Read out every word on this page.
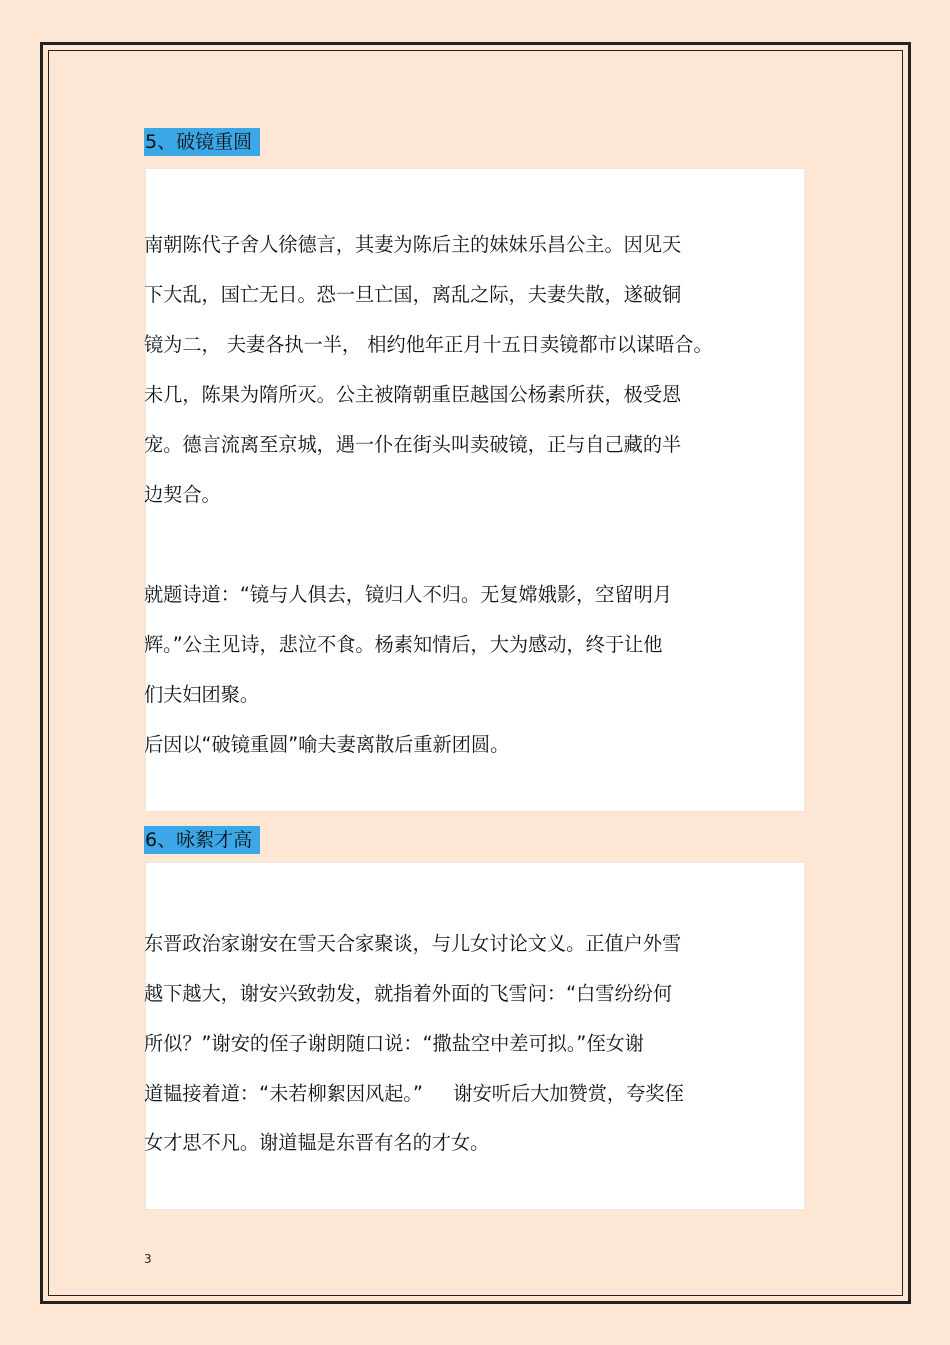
5、破镜重圆
南朝陈代子舍人徐德言，其妻为陈后主的妹妹乐昌公主。因见天
下大乱，国亡无日。恐一旦亡国，离乱之际，夫妻失散，遂破铜
镜为二， 夫妻各执一半， 相约他年正月十五日卖镜都市以谋晤合。
未几，陈果为隋所灭。公主被隋朝重臣越国公杨素所获，极受恩
宠。德言流离至京城，遇一仆在街头叫卖破镜，正与自己藏的半
边契合。
就题诗道：“镜与人俱去，镜归人不归。无复嫦娥影，空留明月
辉。”公主见诗，悲泣不食。杨素知情后，大为感动，终于让他
们夫妇团聚。
后因以“破镜重圆”喻夫妻离散后重新团圆。
6、咏絮才高
东晋政治家谢安在雪天合家聚谈，与儿女讨论文义。正值户外雪
越下越大，谢安兴致勃发，就指着外面的飞雪问：“白雪纷纷何
所似？”谢安的侄子谢朗随口说：“撒盐空中差可拟。”侄女谢
道韫接着道：“未若柳絮因风起。”     谢安听后大加赞赏，夸奖侄
女才思不凡。谢道韫是东晋有名的才女。
3
